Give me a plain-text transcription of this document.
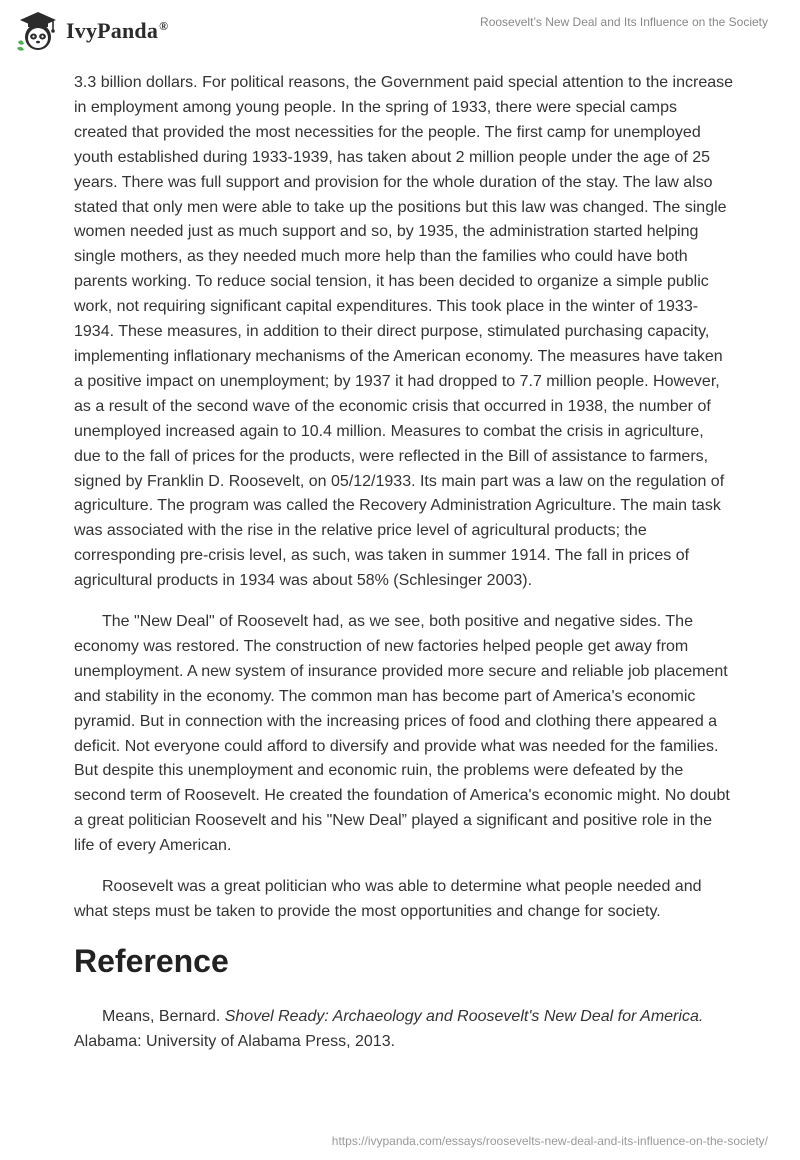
IvyPanda®	Roosevelt’s New Deal and Its Influence on the Society

3.3 billion dollars. For political reasons, the Government paid special attention to the increase in employment among young people. In the spring of 1933, there were special camps created that provided the most necessities for the people. The first camp for unemployed youth established during 1933-1939, has taken about 2 million people under the age of 25 years. There was full support and provision for the whole duration of the stay. The law also stated that only men were able to take up the positions but this law was changed. The single women needed just as much support and so, by 1935, the administration started helping single mothers, as they needed much more help than the families who could have both parents working. To reduce social tension, it has been decided to organize a simple public work, not requiring significant capital expenditures. This took place in the winter of 1933-1934. These measures, in addition to their direct purpose, stimulated purchasing capacity, implementing inflationary mechanisms of the American economy. The measures have taken a positive impact on unemployment; by 1937 it had dropped to 7.7 million people. However, as a result of the second wave of the economic crisis that occurred in 1938, the number of unemployed increased again to 10.4 million. Measures to combat the crisis in agriculture, due to the fall of prices for the products, were reflected in the Bill of assistance to farmers, signed by Franklin D. Roosevelt, on 05/12/1933. Its main part was a law on the regulation of agriculture. The program was called the Recovery Administration Agriculture. The main task was associated with the rise in the relative price level of agricultural products; the corresponding pre-crisis level, as such, was taken in summer 1914. The fall in prices of agricultural products in 1934 was about 58% (Schlesinger 2003).

The "New Deal" of Roosevelt had, as we see, both positive and negative sides. The economy was restored. The construction of new factories helped people get away from unemployment. A new system of insurance provided more secure and reliable job placement and stability in the economy. The common man has become part of America's economic pyramid. But in connection with the increasing prices of food and clothing there appeared a deficit. Not everyone could afford to diversify and provide what was needed for the families. But despite this unemployment and economic ruin, the problems were defeated by the second term of Roosevelt. He created the foundation of America's economic might. No doubt a great politician Roosevelt and his "New Deal” played a significant and positive role in the life of every American.

Roosevelt was a great politician who was able to determine what people needed and what steps must be taken to provide the most opportunities and change for society.

Reference

Means, Bernard. Shovel Ready: Archaeology and Roosevelt's New Deal for America. Alabama: University of Alabama Press, 2013.

https://ivypanda.com/essays/roosevelts-new-deal-and-its-influence-on-the-society/
